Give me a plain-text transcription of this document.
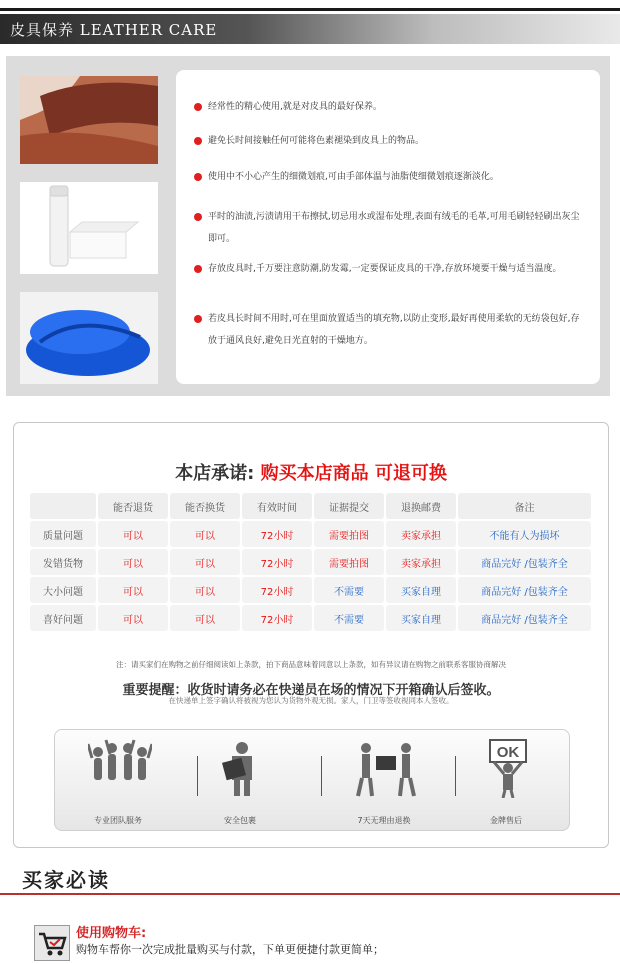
皮具保养 LEATHER CARE
经常性的精心使用,就是对皮具的最好保养。
避免长时间接触任何可能将色素褪染到皮具上的物品。
使用中不小心产生的细微划痕,可由手部体温与油脂使细微划痕逐渐淡化。
平时的油渍,污渍请用干布擦拭,切忌用水或湿布处理,表面有绒毛的毛革,可用毛刷轻轻刷出灰尘即可。
存放皮具时,千万要注意防潮,防发霉,一定要保证皮具的干净,存放环境要干燥与适当温度。
若皮具长时间不用时,可在里面放置适当的填充物,以防止变形,最好再使用柔软的无纺袋包好,存放于通风良好,避免日光直射的干燥地方。
本店承诺: 购买本店商品 可退可换
	能否退货	能否换货	有效时间	证据提交	退换邮费	备注
质量问题	可以	可以	72小时	需要拍图	卖家承担	不能有人为损坏
发错货物	可以	可以	72小时	需要拍图	卖家承担	商品完好 /包装齐全
大小问题	可以	可以	72小时	不需要	买家自理	商品完好 /包装齐全
喜好问题	可以	可以	72小时	不需要	买家自理	商品完好 /包装齐全
注：请买家们在购物之前仔细阅读如上条款，拍下商品意味着同意以上条款，如有异议请在购物之前联系客服协商解决
重要提醒：收货时请务必在快递员在场的情况下开箱确认后签收。
在快递单上签字确认将被视为您认为货物外观无损。家人，门卫等签收视同本人签收。
专业团队服务	安全包裹	7天无理由退换
OK
金牌售后
买家必读
使用购物车:
购物车帮你一次完成批量购买与付款，下单更便捷付款更简单；
